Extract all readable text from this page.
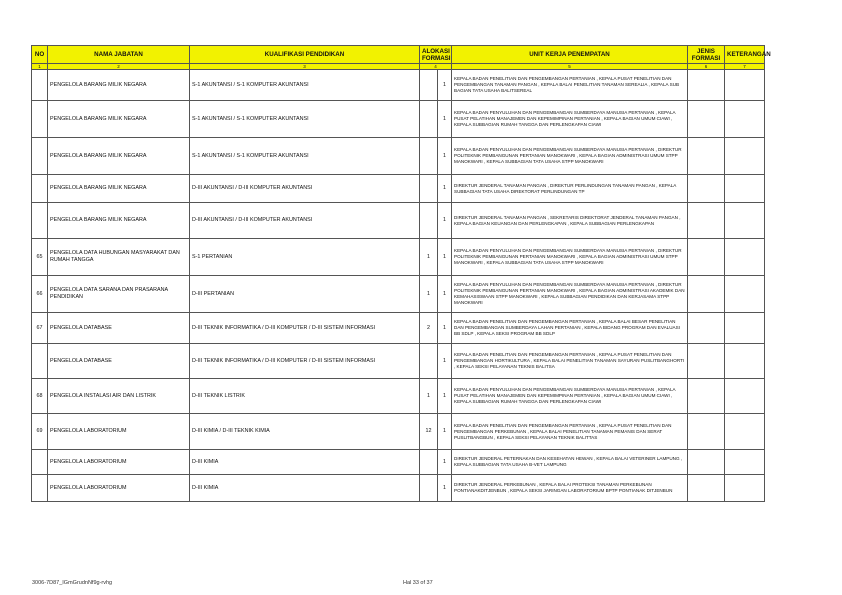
NO	NAMA JABATAN	KUALIFIKASI PENDIDIKAN	ALOKASI FORMASI		UNIT KERJA PENEMPATAN	JENIS FORMASI	KETERANGAN
1	2	3	4		5	6	7
	PENGELOLA BARANG MILIK NEGARA	S-1 AKUNTANSI / S-1 KOMPUTER AKUNTANSI		1	KEPALA BADAN PENELITIAN DAN PENGEMBANGAN PERTANIAN , KEPALA PUSAT PENELITIAN DAN PENGEMBANGAN TANAMAN PANGAN , KEPALA BALAI PENELITIAN TANAMAN SEREALIA , KEPALA SUB BAGIAN TATA USAHA BALITSEREAL		
	PENGELOLA BARANG MILIK NEGARA	S-1 AKUNTANSI / S-1 KOMPUTER AKUNTANSI		1	KEPALA BADAN PENYULUHAN DAN PENGEMBANGAN SUMBERDAYA MANUSIA PERTANIAN , KEPALA PUSAT PELATIHAN MANAJEMEN DAN KEPEMIMPINAN PERTANIAN , KEPALA BAGIAN UMUM CIAWI , KEPALA SUBBAGIAN RUMAH TANGGA DAN PERLENGKAPAN CIAWI		
	PENGELOLA BARANG MILIK NEGARA	S-1 AKUNTANSI / S-1 KOMPUTER AKUNTANSI		1	KEPALA BADAN PENYULUHAN DAN PENGEMBANGAN SUMBERDAYA MANUSIA PERTANIAN , DIREKTUR POLITEKNIK PEMBANGUNAN PERTANIAN MANOKWARI , KEPALA BAGIAN ADMINISTRASI UMUM STPP MANOKWARI , KEPALA SUBBAGIAN TATA USAHA STPP MANOKWARI		
	PENGELOLA BARANG MILIK NEGARA	D-III AKUNTANSI / D-III KOMPUTER AKUNTANSI		1	DIREKTUR JENDERAL TANAMAN PANGAN , DIREKTUR PERLINDUNGAN TANAMAN PANGAN , KEPALA SUBBAGIAN TATA USAHA DIREKTORAT PERLINDUNGAN TP		
	PENGELOLA BARANG MILIK NEGARA	D-III AKUNTANSI / D-III KOMPUTER AKUNTANSI		1	DIREKTUR JENDERAL TANAMAN PANGAN , SEKRETARIS DIREKTORAT JENDERAL TANAMAN PANGAN , KEPALA BAGIAN KEUANGAN DAN PERLENGKAPAN , KEPALA SUBBAGIAN PERLENGKAPAN		
65	PENGELOLA DATA HUBUNGAN MASYARAKAT DAN RUMAH TANGGA	S-1 PERTANIAN	1	1	KEPALA BADAN PENYULUHAN DAN PENGEMBANGAN SUMBERDAYA MANUSIA PERTANIAN , DIREKTUR POLITEKNIK PEMBANGUNAN PERTANIAN MANOKWARI , KEPALA BAGIAN ADMINISTRASI UMUM STPP MANOKWARI , KEPALA SUBBAGIAN TATA USAHA STPP MANOKWARI		
66	PENGELOLA DATA SARANA DAN PRASARANA PENDIDIKAN	D-III PERTANIAN	1	1	KEPALA BADAN PENYULUHAN DAN PENGEMBANGAN SUMBERDAYA MANUSIA PERTANIAN , DIREKTUR POLITEKNIK PEMBANGUNAN PERTANIAN MANOKWARI , KEPALA BAGIAN ADMINISTRASI AKADEMIK DAN KEMAHASISWAAN STPP MANOKWARI , KEPALA SUBBAGIAN PENDIDIKAN DAN KERJASAMA STPP MANOKWARI		
67	PENGELOLA DATABASE	D-III TEKNIK INFORMATIKA / D-III KOMPUTER / D-III SISTEM INFORMASI	2	1	KEPALA BADAN PENELITIAN DAN PENGEMBANGAN PERTANIAN , KEPALA BALAI BESAR PENELITIAN DAN PENGEMBANGAN SUMBERDAYA LAHAN PERTANIAN , KEPALA BIDANG PROGRAM DAN EVALUASI BB SDLP , KEPALA SEKSI PROGRAM BB SDLP		
	PENGELOLA DATABASE	D-III TEKNIK INFORMATIKA / D-III KOMPUTER / D-III SISTEM INFORMASI		1	KEPALA BADAN PENELITIAN DAN PENGEMBANGAN PERTANIAN , KEPALA PUSAT PENELITIAN DAN PENGEMBANGAN HORTIKULTURA , KEPALA BALAI PENELITIAN TANAMAN SAYURAN PUSLITBANGHORTI , KEPALA SEKSI PELAYANAN TEKNIS BALITSA		
68	PENGELOLA INSTALASI AIR DAN LISTRIK	D-III TEKNIK LISTRIK	1	1	KEPALA BADAN PENYULUHAN DAN PENGEMBANGAN SUMBERDAYA MANUSIA PERTANIAN , KEPALA PUSAT PELATIHAN MANAJEMEN DAN KEPEMIMPINAN PERTANIAN , KEPALA BAGIAN UMUM CIAWI , KEPALA SUBBAGIAN RUMAH TANGGA DAN PERLENGKAPAN CIAWI		
69	PENGELOLA LABORATORIUM	D-III KIMIA / D-III TEKNIK KIMIA	12	1	KEPALA BADAN PENELITIAN DAN PENGEMBANGAN PERTANIAN , KEPALA PUSAT PENELITIAN DAN PENGEMBANGAN PERKEBUNAN , KEPALA BALAI PENELITIAN TANAMAN PEMANIS DAN SERAT PUSLITBANGBUN , KEPALA SEKSI PELAYANAN TEKNIK BALITTAS		
	PENGELOLA LABORATORIUM	D-III KIMIA		1	DIREKTUR JENDERAL PETERNAKAN DAN KESEHATAN HEWAN , KEPALA BALAI VETERINER LAMPUNG , KEPALA SUBBAGIAN TATA USAHA B-VET LAMPUNG		
	PENGELOLA LABORATORIUM	D-III KIMIA		1	DIREKTUR JENDERAL PERKEBUNAN , KEPALA BALAI PROTEKSI TANAMAN PERKEBUNAN PONTIANAKDITJENBUN , KEPALA SEKSI JARINGAN LABORATORIUM BPTP PONTIANAK DITJENBUN		
3006-7D87_IGmGrudnNf9g-rvhg	Hal 33 of 37
